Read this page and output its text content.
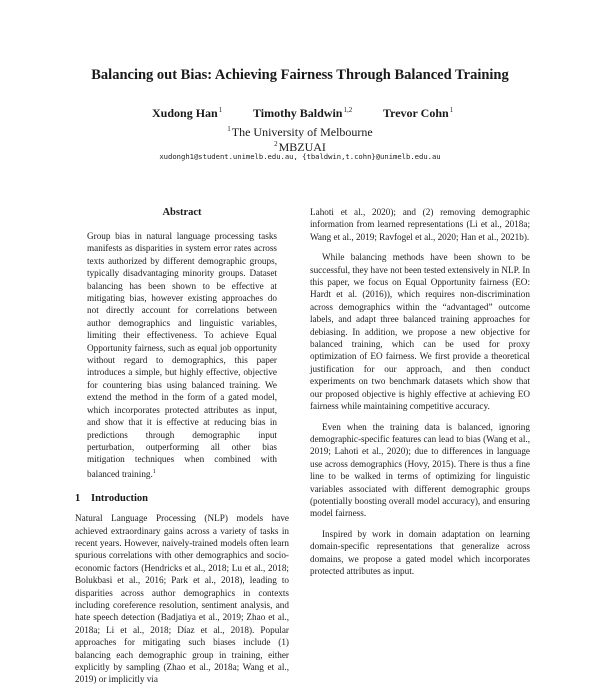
Balancing out Bias: Achieving Fairness Through Balanced Training
Xudong Han$^1$	Timothy Baldwin$^{1,2}$	Trevor Cohn$^1$
$^1$The University of Melbourne
$^2$MBZUAI
xudongh1@student.unimelb.edu.au, {tbaldwin,t.cohn}@unimelb.edu.au
Abstract
Group bias in natural language processing tasks manifests as disparities in system error rates across texts authorized by different demographic groups, typically disadvantaging minority groups. Dataset balancing has been shown to be effective at mitigating bias, however existing approaches do not directly account for correlations between author demographics and linguistic variables, limiting their effectiveness. To achieve Equal Opportunity fairness, such as equal job opportunity without regard to demographics, this paper introduces a simple, but highly effective, objective for countering bias using balanced training. We extend the method in the form of a gated model, which incorporates protected attributes as input, and show that it is effective at reducing bias in predictions through demographic input perturbation, outperforming all other bias mitigation techniques when combined with balanced training.$^1$
1 Introduction

Natural Language Processing (NLP) models have achieved extraordinary gains across a variety of tasks in recent years. However, naively-trained models often learn spurious correlations with other demographics and socio-economic factors (Hendricks et al., 2018; Lu et al., 2018; Bolukbasi et al., 2016; Park et al., 2018), leading to disparities across author demographics in contexts including coreference resolution, sentiment analysis, and hate speech detection (Badjatiya et al., 2019; Zhao et al., 2018a; Li et al., 2018; Díaz et al., 2018). Popular approaches for mitigating such biases include (1) balancing each demographic group in training, either explicitly by sampling (Zhao et al., 2018a; Wang et al., 2019) or implicitly via

Lahoti et al., 2020); and (2) removing demographic information from learned representations (Li et al., 2018a; Wang et al., 2019; Ravfogel et al., 2020; Han et al., 2021b).

While balancing methods have been shown to be successful, they have not been tested extensively in NLP. In this paper, we focus on Equal Opportunity fairness (EO: Hardt et al. (2016)), which requires non-discrimination across demographics within the “advantaged” outcome labels, and adapt three balanced training approaches for debiasing. In addition, we propose a new objective for balanced training, which can be used for proxy optimization of EO fairness. We first provide a theoretical justification for our approach, and then conduct experiments on two benchmark datasets which show that our proposed objective is highly effective at achieving EO fairness while maintaining competitive accuracy.

Even when the training data is balanced, ignoring demographic-specific features can lead to bias (Wang et al., 2019; Lahoti et al., 2020); due to differences in language use across demographics (Hovy, 2015). There is thus a fine line to be walked in terms of optimizing for linguistic variables associated with different demographic groups (potentially boosting overall model accuracy), and ensuring model fairness.

Inspired by work in domain adaptation on learning domain-specific representations that generalize across domains, we propose a gated model which incorporates protected attributes as input.
